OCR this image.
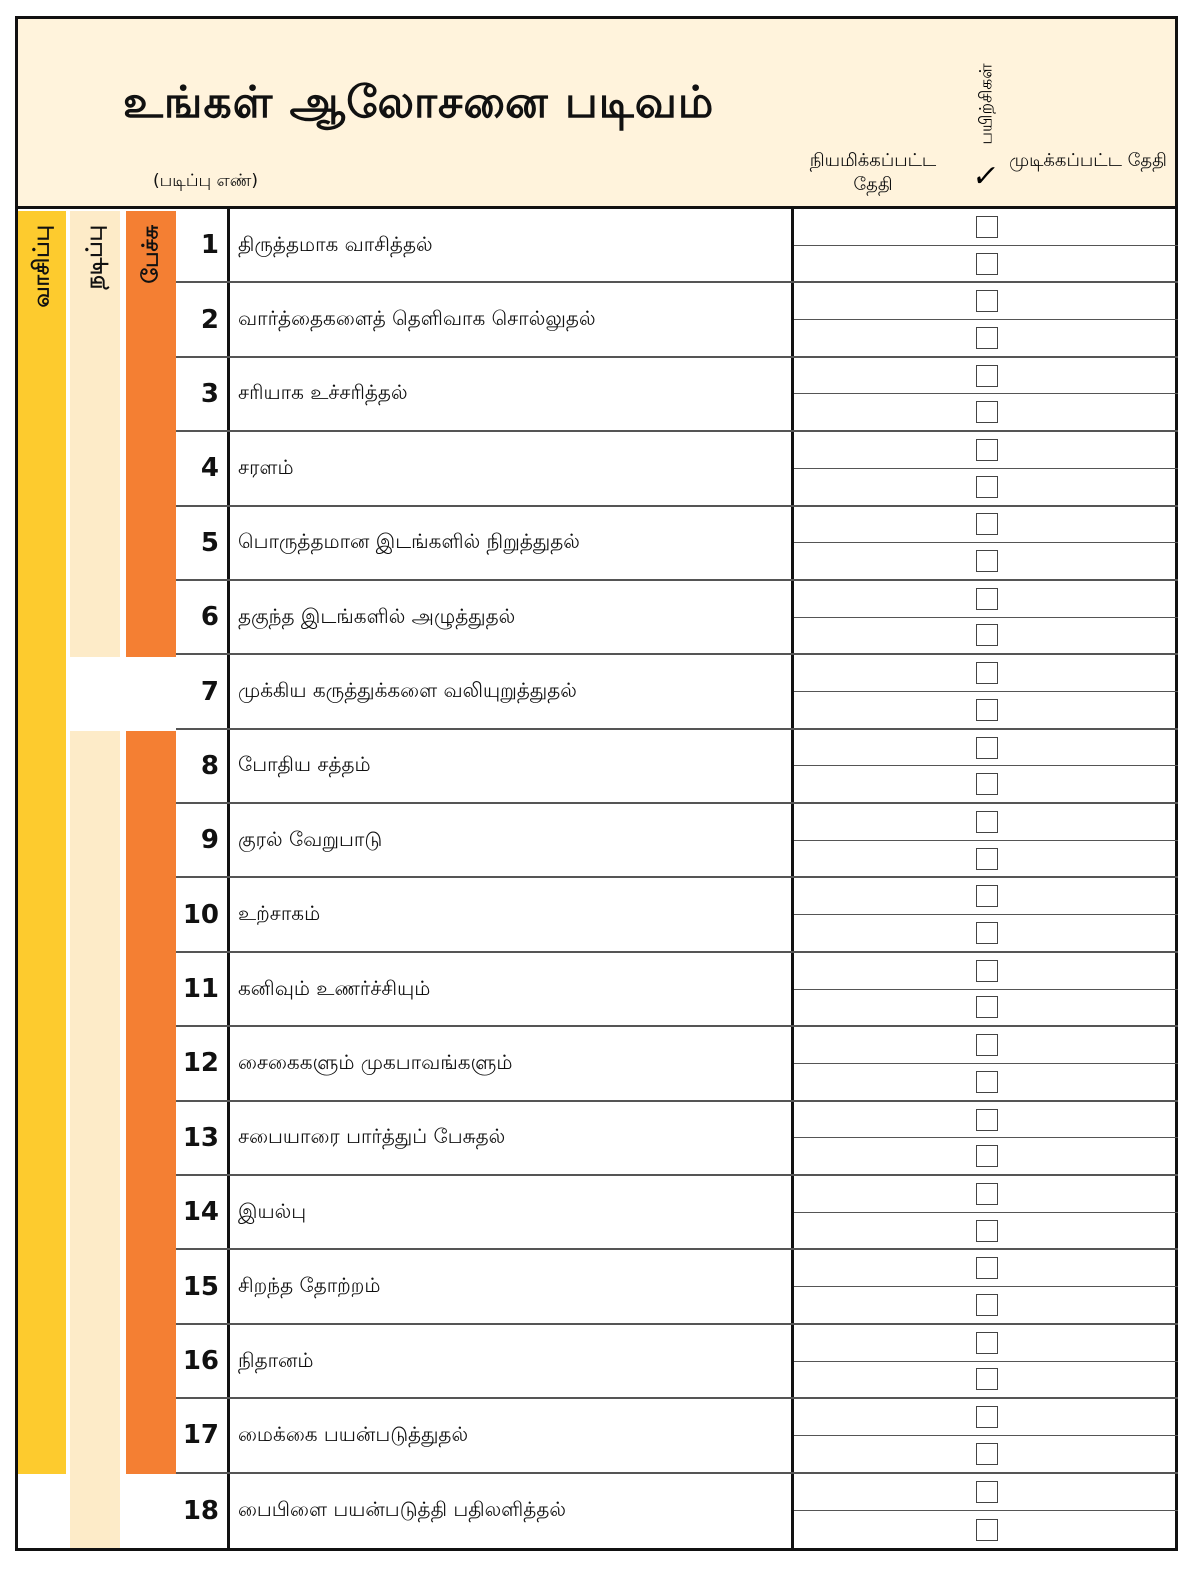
உங்கள் ஆலோசனை படிவம்
(படிப்பு எண்)
நியமிக்கப்பட்ட தேதி
பயிற்சிகள்
✓ முடிக்கப்பட்ட தேதி
வாசிப்பு நடிப்பு பேச்சு	1 திருத்தமாக வாசித்தல்
2 வார்த்தைகளைத் தெளிவாக சொல்லுதல்
3 சரியாக உச்சரித்தல்
4 சரளம்
5 பொருத்தமான இடங்களில் நிறுத்துதல்
6 தகுந்த இடங்களில் அழுத்துதல்
7 முக்கிய கருத்துக்களை வலியுறுத்துதல்
8 போதிய சத்தம்
9 குரல் வேறுபாடு
10 உற்சாகம்
11 கனிவும் உணர்ச்சியும்
12 சைகைகளும் முகபாவங்களும்
13 சபையாரை பார்த்துப் பேசுதல்
14 இயல்பு
15 சிறந்த தோற்றம்
16 நிதானம்
17 மைக்கை பயன்படுத்துதல்
18 பைபிளை பயன்படுத்தி பதிலளித்தல்
